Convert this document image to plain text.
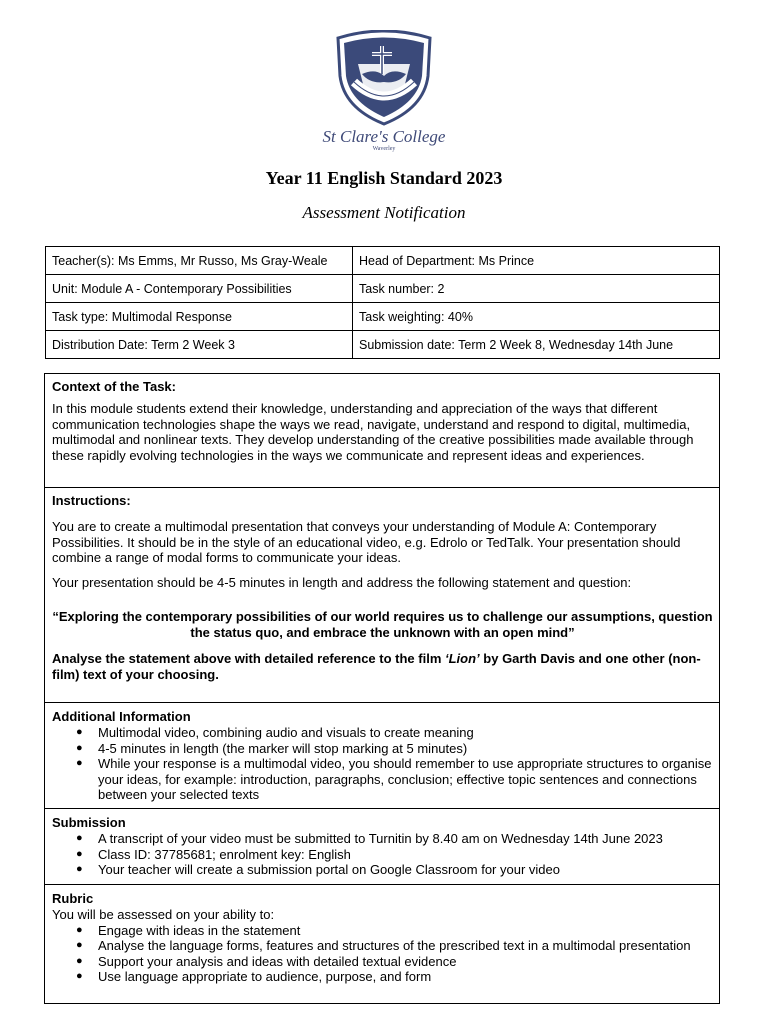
St Clare's College
Waverley
Year 11 English Standard 2023
Assessment Notification
Teacher(s): Ms Emms, Mr Russo, Ms Gray-Weale	Head of Department: Ms Prince
Unit: Module A - Contemporary Possibilities	Task number: 2
Task type: Multimodal Response	Task weighting: 40%
Distribution Date: Term 2 Week 3	Submission date: Term 2 Week 8, Wednesday 14th June
Context of the Task:

In this module students extend their knowledge, understanding and appreciation of the ways that different communication technologies shape the ways we read, navigate, understand and respond to digital, multimedia, multimodal and nonlinear texts. They develop understanding of the creative possibilities made available through these rapidly evolving technologies in the ways we communicate and represent ideas and experiences.

Instructions:

You are to create a multimodal presentation that conveys your understanding of Module A: Contemporary Possibilities. It should be in the style of an educational video, e.g. Edrolo or TedTalk. Your presentation should combine a range of modal forms to communicate your ideas.

Your presentation should be 4-5 minutes in length and address the following statement and question:

“Exploring the contemporary possibilities of our world requires us to challenge our assumptions, question the status quo, and embrace the unknown with an open mind”

Analyse the statement above with detailed reference to the film ‘Lion’ by Garth Davis and one other (non-film) text of your choosing.

Additional Information
● Multimodal video, combining audio and visuals to create meaning
● 4-5 minutes in length (the marker will stop marking at 5 minutes)
● While your response is a multimodal video, you should remember to use appropriate structures to organise your ideas, for example: introduction, paragraphs, conclusion; effective topic sentences and connections between your selected texts
Submission
● A transcript of your video must be submitted to Turnitin by 8.40 am on Wednesday 14th June 2023
● Class ID: 37785681; enrolment key: English
● Your teacher will create a submission portal on Google Classroom for your video
Rubric
You will be assessed on your ability to:
● Engage with ideas in the statement
● Analyse the language forms, features and structures of the prescribed text in a multimodal presentation
● Support your analysis and ideas with detailed textual evidence
● Use language appropriate to audience, purpose, and form
